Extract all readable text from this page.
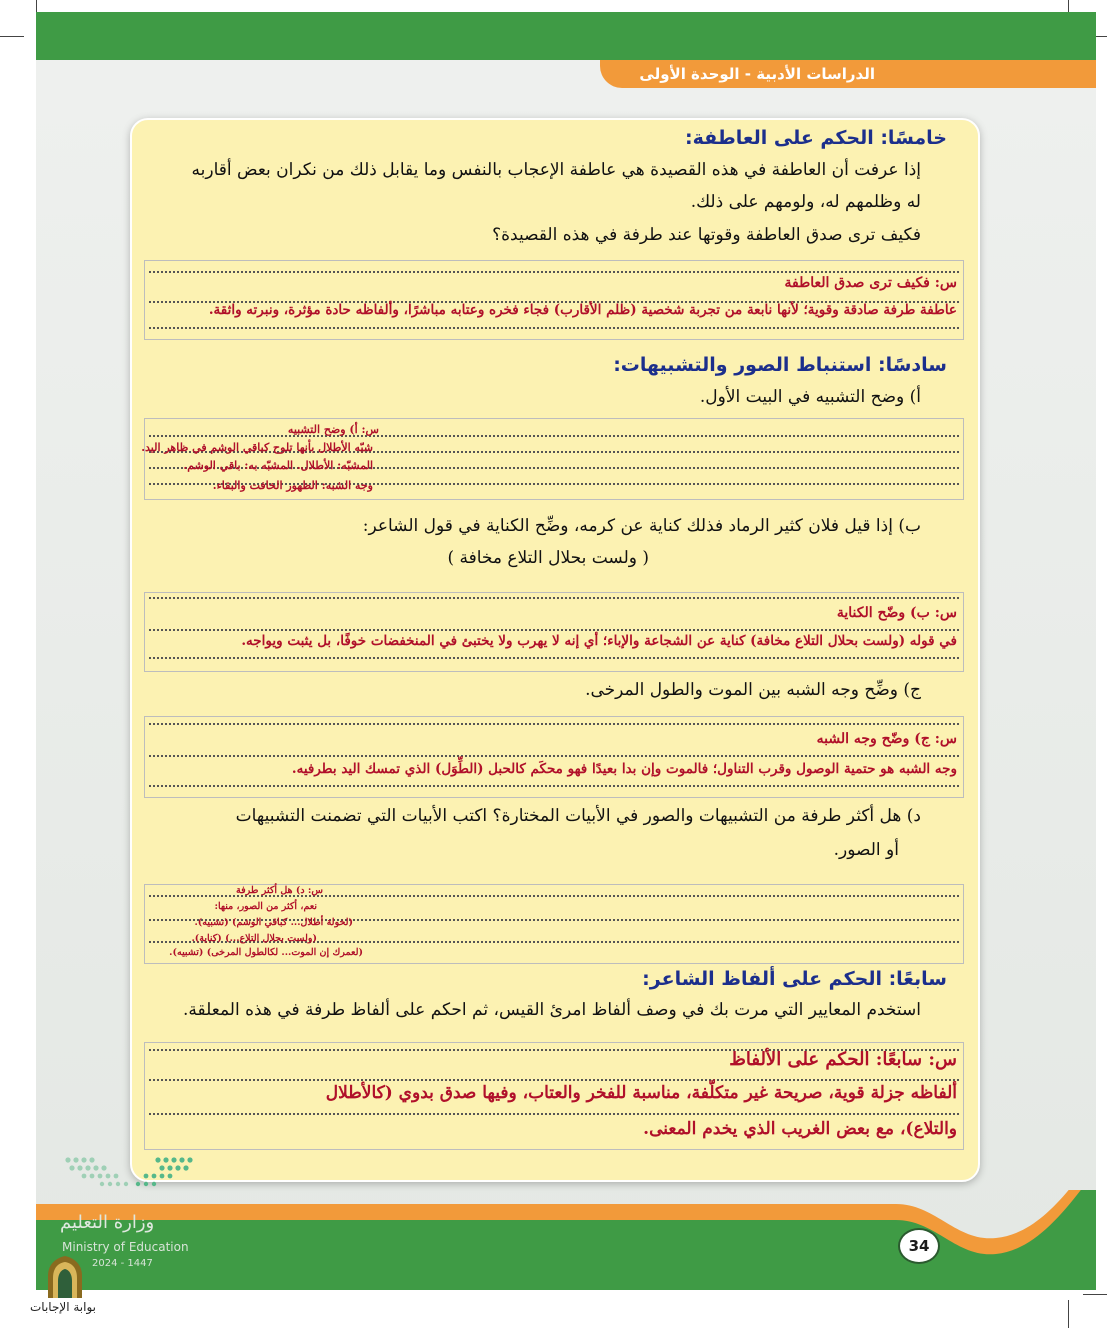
الدراسات الأدبية - الوحدة الأولى
خامسًا: الحكم على العاطفة:
إذا عرفت أن العاطفة في هذه القصيدة هي عاطفة الإعجاب بالنفس وما يقابل ذلك من نكران بعض أقاربه
له وظلمهم له، ولومهم على ذلك.
فكيف ترى صدق العاطفة وقوتها عند طرفة في هذه القصيدة؟
س: فكيف ترى صدق العاطفة
عاطفة طرفة صادقة وقوية؛ لأنها نابعة من تجربة شخصية (ظلم الأقارب) فجاء فخره وعتابه مباشرًا، وألفاظه حادة مؤثرة، ونبرته واثقة.
سادسًا: استنباط الصور والتشبيهات:
أ) وضح التشبيه في البيت الأول.
س: أ) وضح التشبيه
شبّه الأطلال بأنها تلوح كباقي الوشم في ظاهر اليد.
المشبّه: الأطلال. المشبّه به: باقي الوشم.
وجه الشبه: الظهور الخافت والبقاء.
ب) إذا قيل فلان كثير الرماد فذلك كناية عن كرمه، وضِّح الكناية في قول الشاعر:
( ولست بحلال التلاع مخافة )
س: ب) وضّح الكناية
في قوله (ولست بحلال التلاع مخافة) كناية عن الشجاعة والإباء؛ أي إنه لا يهرب ولا يختبئ في المنخفضات خوفًا، بل يثبت ويواجه.
ج) وضِّح وجه الشبه بين الموت والطول المرخى.
س: ج) وضّح وجه الشبه
وجه الشبه هو حتمية الوصول وقرب التناول؛ فالموت وإن بدا بعيدًا فهو محكَم كالحبل (الطِّوَل) الذي تمسك اليد بطرفيه.
د) هل أكثر طرفة من التشبيهات والصور في الأبيات المختارة؟ اكتب الأبيات التي تضمنت التشبيهات
أو الصور.
س: د) هل أكثر طرفة
نعم، أكثر من الصور، منها:
(لخولة أطلال... كباقي الوشم) (تشبيه).
(ولست بحلال التلاع...) (كناية).
(لعمرك إن الموت... لكالطول المرخى) (تشبيه).
سابعًا: الحكم على ألفاظ الشاعر:
استخدم المعايير التي مرت بك في وصف ألفاظ امرئ القيس، ثم احكم على ألفاظ طرفة في هذه المعلقة.
س: سابعًا: الحكم على الألفاظ
ألفاظه جزلة قوية، صريحة غير متكلّفة، مناسبة للفخر والعتاب، وفيها صدق بدوي (كالأطلال
والتلاع)، مع بعض الغريب الذي يخدم المعنى.
34
وزارة التعليم
Ministry of Education
2024 - 1447
بوابة الإجابات
